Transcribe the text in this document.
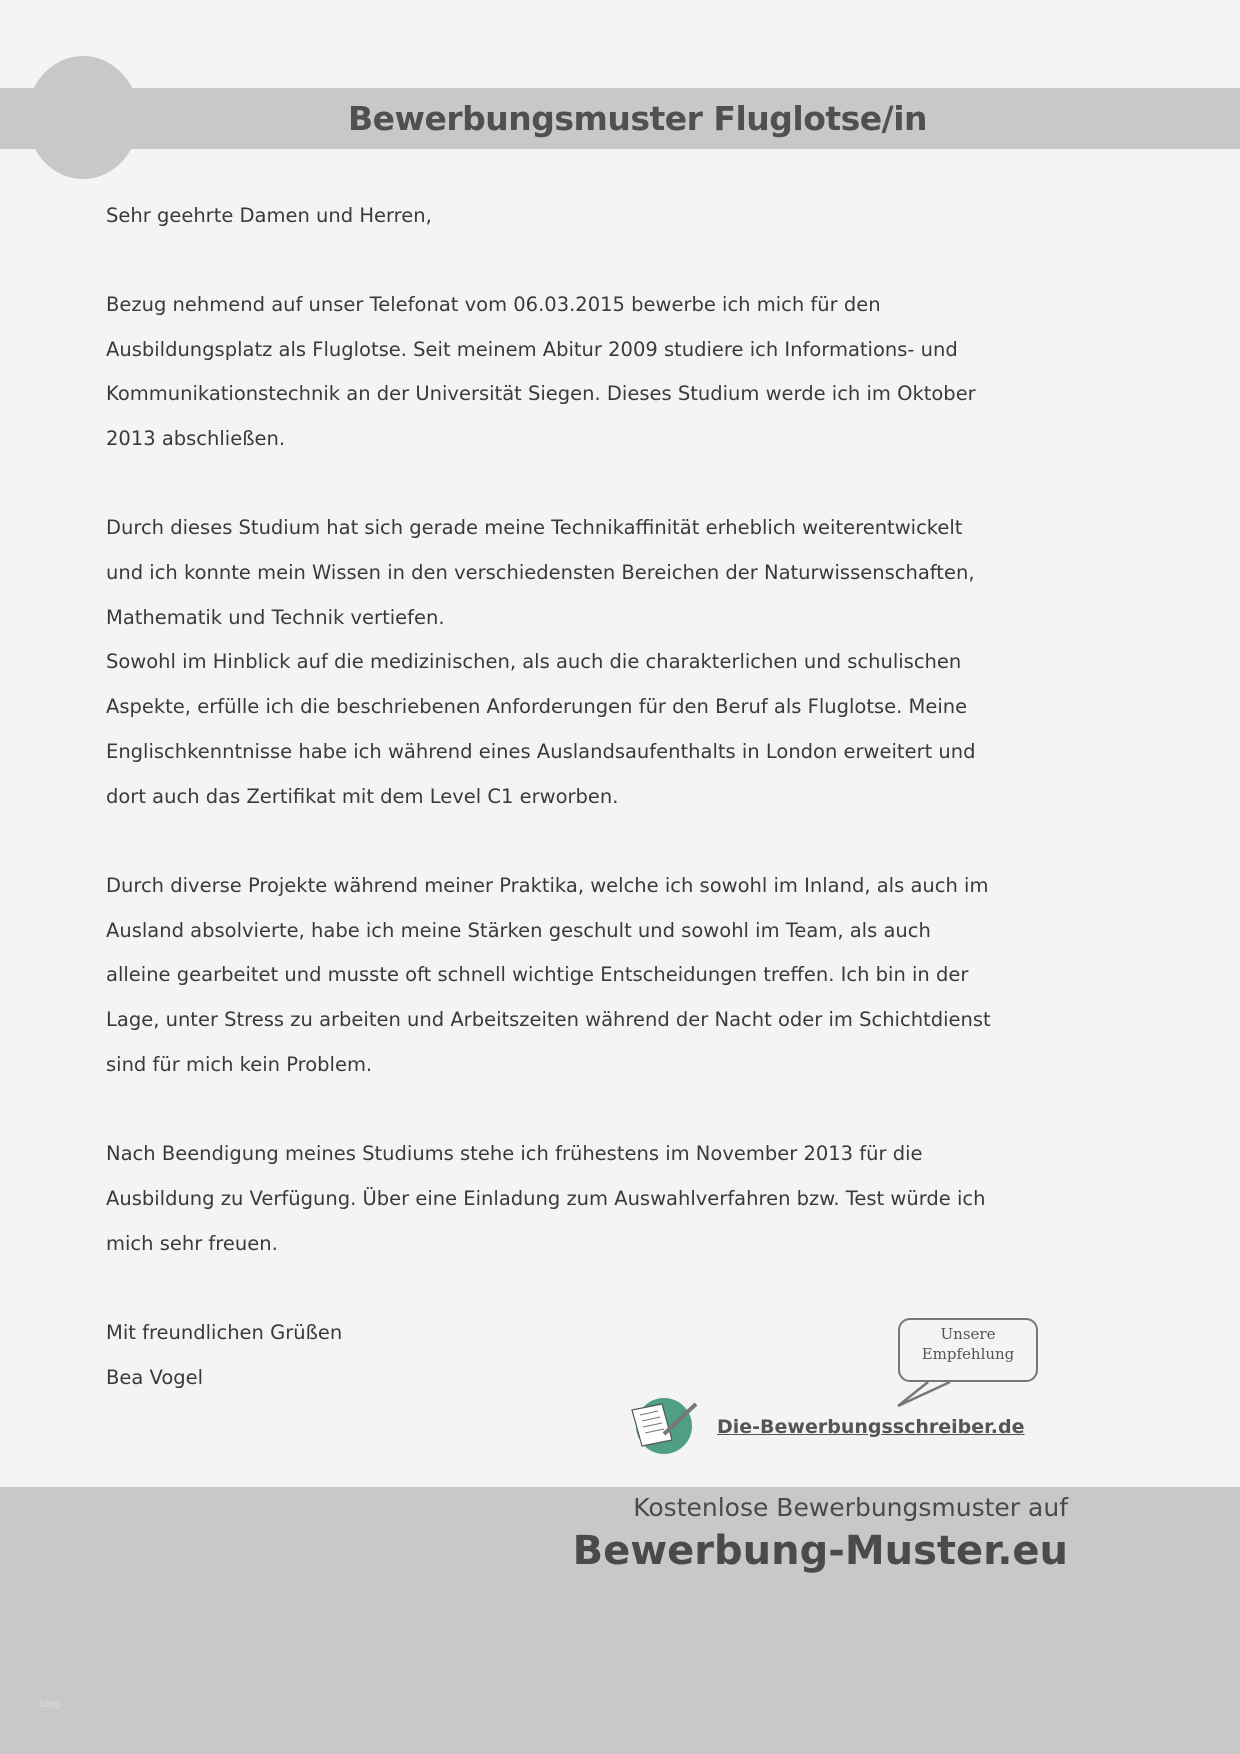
Bewerbungsmuster Fluglotse/in
Sehr geehrte Damen und Herren,
Bezug nehmend auf unser Telefonat vom 06.03.2015 bewerbe ich mich für den
Ausbildungsplatz als Fluglotse. Seit meinem Abitur 2009 studiere ich Informations- und
Kommunikationstechnik an der Universität Siegen. Dieses Studium werde ich im Oktober
2013 abschließen.
Durch dieses Studium hat sich gerade meine Technikaffinität erheblich weiterentwickelt
und ich konnte mein Wissen in den verschiedensten Bereichen der Naturwissenschaften,
Mathematik und Technik vertiefen.
Sowohl im Hinblick auf die medizinischen, als auch die charakterlichen und schulischen
Aspekte, erfülle ich die beschriebenen Anforderungen für den Beruf als Fluglotse. Meine
Englischkenntnisse habe ich während eines Auslandsaufenthalts in London erweitert und
dort auch das Zertifikat mit dem Level C1 erworben.
Durch diverse Projekte während meiner Praktika, welche ich sowohl im Inland, als auch im
Ausland absolvierte, habe ich meine Stärken geschult und sowohl im Team, als auch
alleine gearbeitet und musste oft schnell wichtige Entscheidungen treffen. Ich bin in der
Lage, unter Stress zu arbeiten und Arbeitszeiten während der Nacht oder im Schichtdienst
sind für mich kein Problem.
Nach Beendigung meines Studiums stehe ich frühestens im November 2013 für die
Ausbildung zu Verfügung. Über eine Einladung zum Auswahlverfahren bzw. Test würde ich
mich sehr freuen.
Mit freundlichen Grüßen
Bea Vogel
Unsere
Empfehlung
Die-Bewerbungsschreiber.de
Kostenlose Bewerbungsmuster auf
Bewerbung-Muster.eu
blog
